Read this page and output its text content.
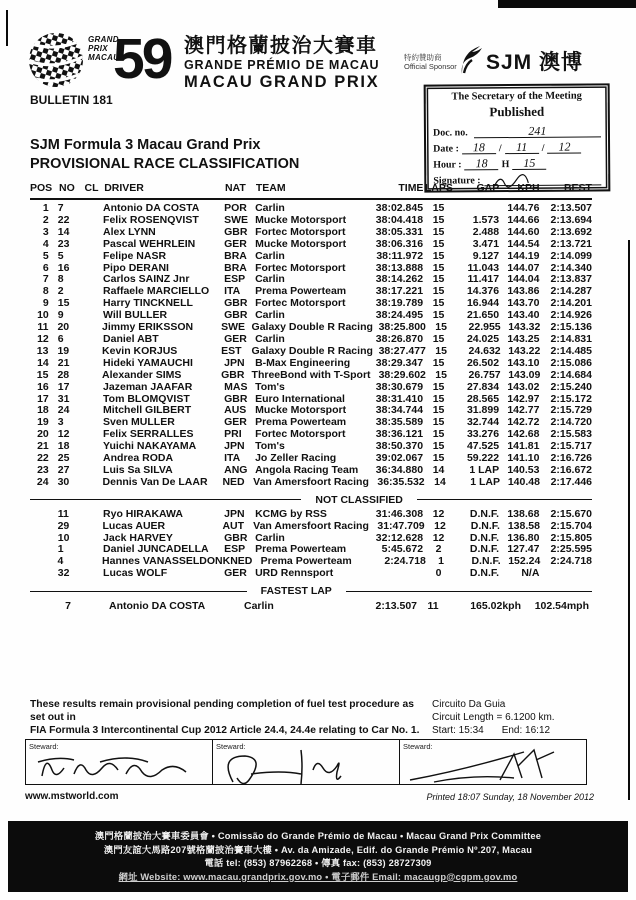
GRAND
PRIX
MACAU
59 澳門格蘭披治大賽車
GRANDE PRÉMIO DE MACAU
MACAU GRAND PRIX
特約贊助商
Official Sponsor SJM 澳博
BULLETIN 181	The Secretary of the Meeting
Published
Doc. no.	241
Date :	18	/	11	/	12
Hour :	18	H	15
Signature :
SJM Formula 3 Macau Grand Prix
PROVISIONAL RACE CLASSIFICATION
POS NO CL DRIVER	NAT TEAM	TIME LAPS	GAP	KPH	BEST
1 7	Antonio DA COSTA	POR Carlin	38:02.845 15	144.76	2:13.507
2 22	Felix ROSENQVIST	SWE Mucke Motorsport	38:04.418 15	1.573 144.66	2:13.694
3 14	Alex LYNN	GBR Fortec Motorsport	38:05.331 15	2.488 144.60	2:13.692
4 23	Pascal WEHRLEIN	GER Mucke Motorsport	38:06.316 15	3.471 144.54	2:13.721
5 5	Felipe NASR	BRA Carlin	38:11.972 15	9.127 144.19	2:14.099
6 16	Pipo DERANI	BRA Fortec Motorsport	38:13.888 15	11.043 144.07	2:14.340
7 8	Carlos SAINZ Jnr	ESP Carlin	38:14.262 15	11.417 144.04	2:13.837
8 2	Raffaele MARCIELLO	ITA	Prema Powerteam	38:17.221 15	14.376 143.86	2:14.287
9 15	Harry TINCKNELL	GBR Fortec Motorsport	38:19.789 15	16.944 143.70	2:14.201
10 9	Will BULLER	GBR Carlin	38:24.495 15	21.650 143.40	2:14.926
11 20	Jimmy ERIKSSON	SWE Galaxy Double R Racing 38:25.800 15	22.955 143.32 2:15.136
12 6	Daniel ABT	GER Carlin	38:26.870 15	24.025 143.25	2:14.831
13 19	Kevin KORJUS	EST Galaxy Double R Racing 38:27.477 15	24.632 143.22 2:14.485
14 21	Hideki YAMAUCHI	JPN	B-Max Engineering	38:29.347 15	26.502 143.10	2:15.086
15 28	Alexander SIMS	GBR ThreeBond with T-Sport 38:29.602 15	26.757 143.09 2:14.684
16 17	Jazeman JAAFAR	MAS Tom's	38:30.679 15	27.834 143.02	2:15.240
17 31	Tom BLOMQVIST	GBR Euro International	38:31.410 15	28.565 142.97	2:15.172
18 24	Mitchell GILBERT	AUS Mucke Motorsport	38:34.744 15	31.899 142.77	2:15.729
19 3	Sven MULLER	GER Prema Powerteam	38:35.589 15	32.744 142.72	2:14.720
20 12	Felix SERRALLES	PRI	Fortec Motorsport	38:36.121 15	33.276 142.68	2:15.583
21 18	Yuichi NAKAYAMA	JPN	Tom's	38:50.370 15	47.525 141.81	2:15.717
22 25	Andrea RODA	ITA	Jo Zeller Racing	39:02.067 15	59.222 141.10	2:16.726
23 27	Luis Sa SILVA	ANG Angola Racing Team	36:34.880 14	1 LAP 140.53	2:16.672
24 30	Dennis Van De LAAR	NED Van Amersfoort Racing 36:35.532 14	1 LAP 140.48	2:17.446
NOT CLASSIFIED
11	Ryo HIRAKAWA	JPN	KCMG by RSS	31:46.308 12	D.N.F. 138.68	2:15.670
29	Lucas AUER	AUT Van Amersfoort Racing 31:47.709 12	D.N.F. 138.58	2:15.704
10	Jack HARVEY	GBR Carlin	32:12.628 12	D.N.F. 136.80	2:15.805
1	Daniel JUNCADELLA	ESP Prema Powerteam	5:45.672	2	D.N.F. 127.47	2:25.595
4	Hannes VANASSELDONK NED Prema Powerteam	2:24.718	1	D.N.F. 152.24 2:24.718
32	Lucas WOLF	GER URD Rennsport	0	D.N.F.	N/A
FASTEST LAP
7	Antonio DA COSTA	Carlin	2:13.507 11	165.02kph	102.54mph
These results remain provisional pending completion of fuel test procedure as set out in
FIA Formula 3 Intercontinental Cup 2012 Article 24.4, 24.4e relating to Car No. 1.
Circuito Da Guia
Circuit Length = 6.1200 km.
Start: 15:34 End: 16:12
Steward:	Steward:	Steward:
www.mstworld.com	Printed 18:07 Sunday, 18 November 2012
澳門格蘭披治大賽車委員會 • Comissão do Grande Prémio de Macau • Macau Grand Prix Committee
澳門友誼大馬路207號格蘭披治賽車大樓 • Av. da Amizade, Edif. do Grande Prémio Nº.207, Macau
電話 tel: (853) 87962268 • 傳真 fax: (853) 28727309
網址 Website: www.macau.grandprix.gov.mo • 電子郵件 Email: macaugp@cgpm.gov.mo
